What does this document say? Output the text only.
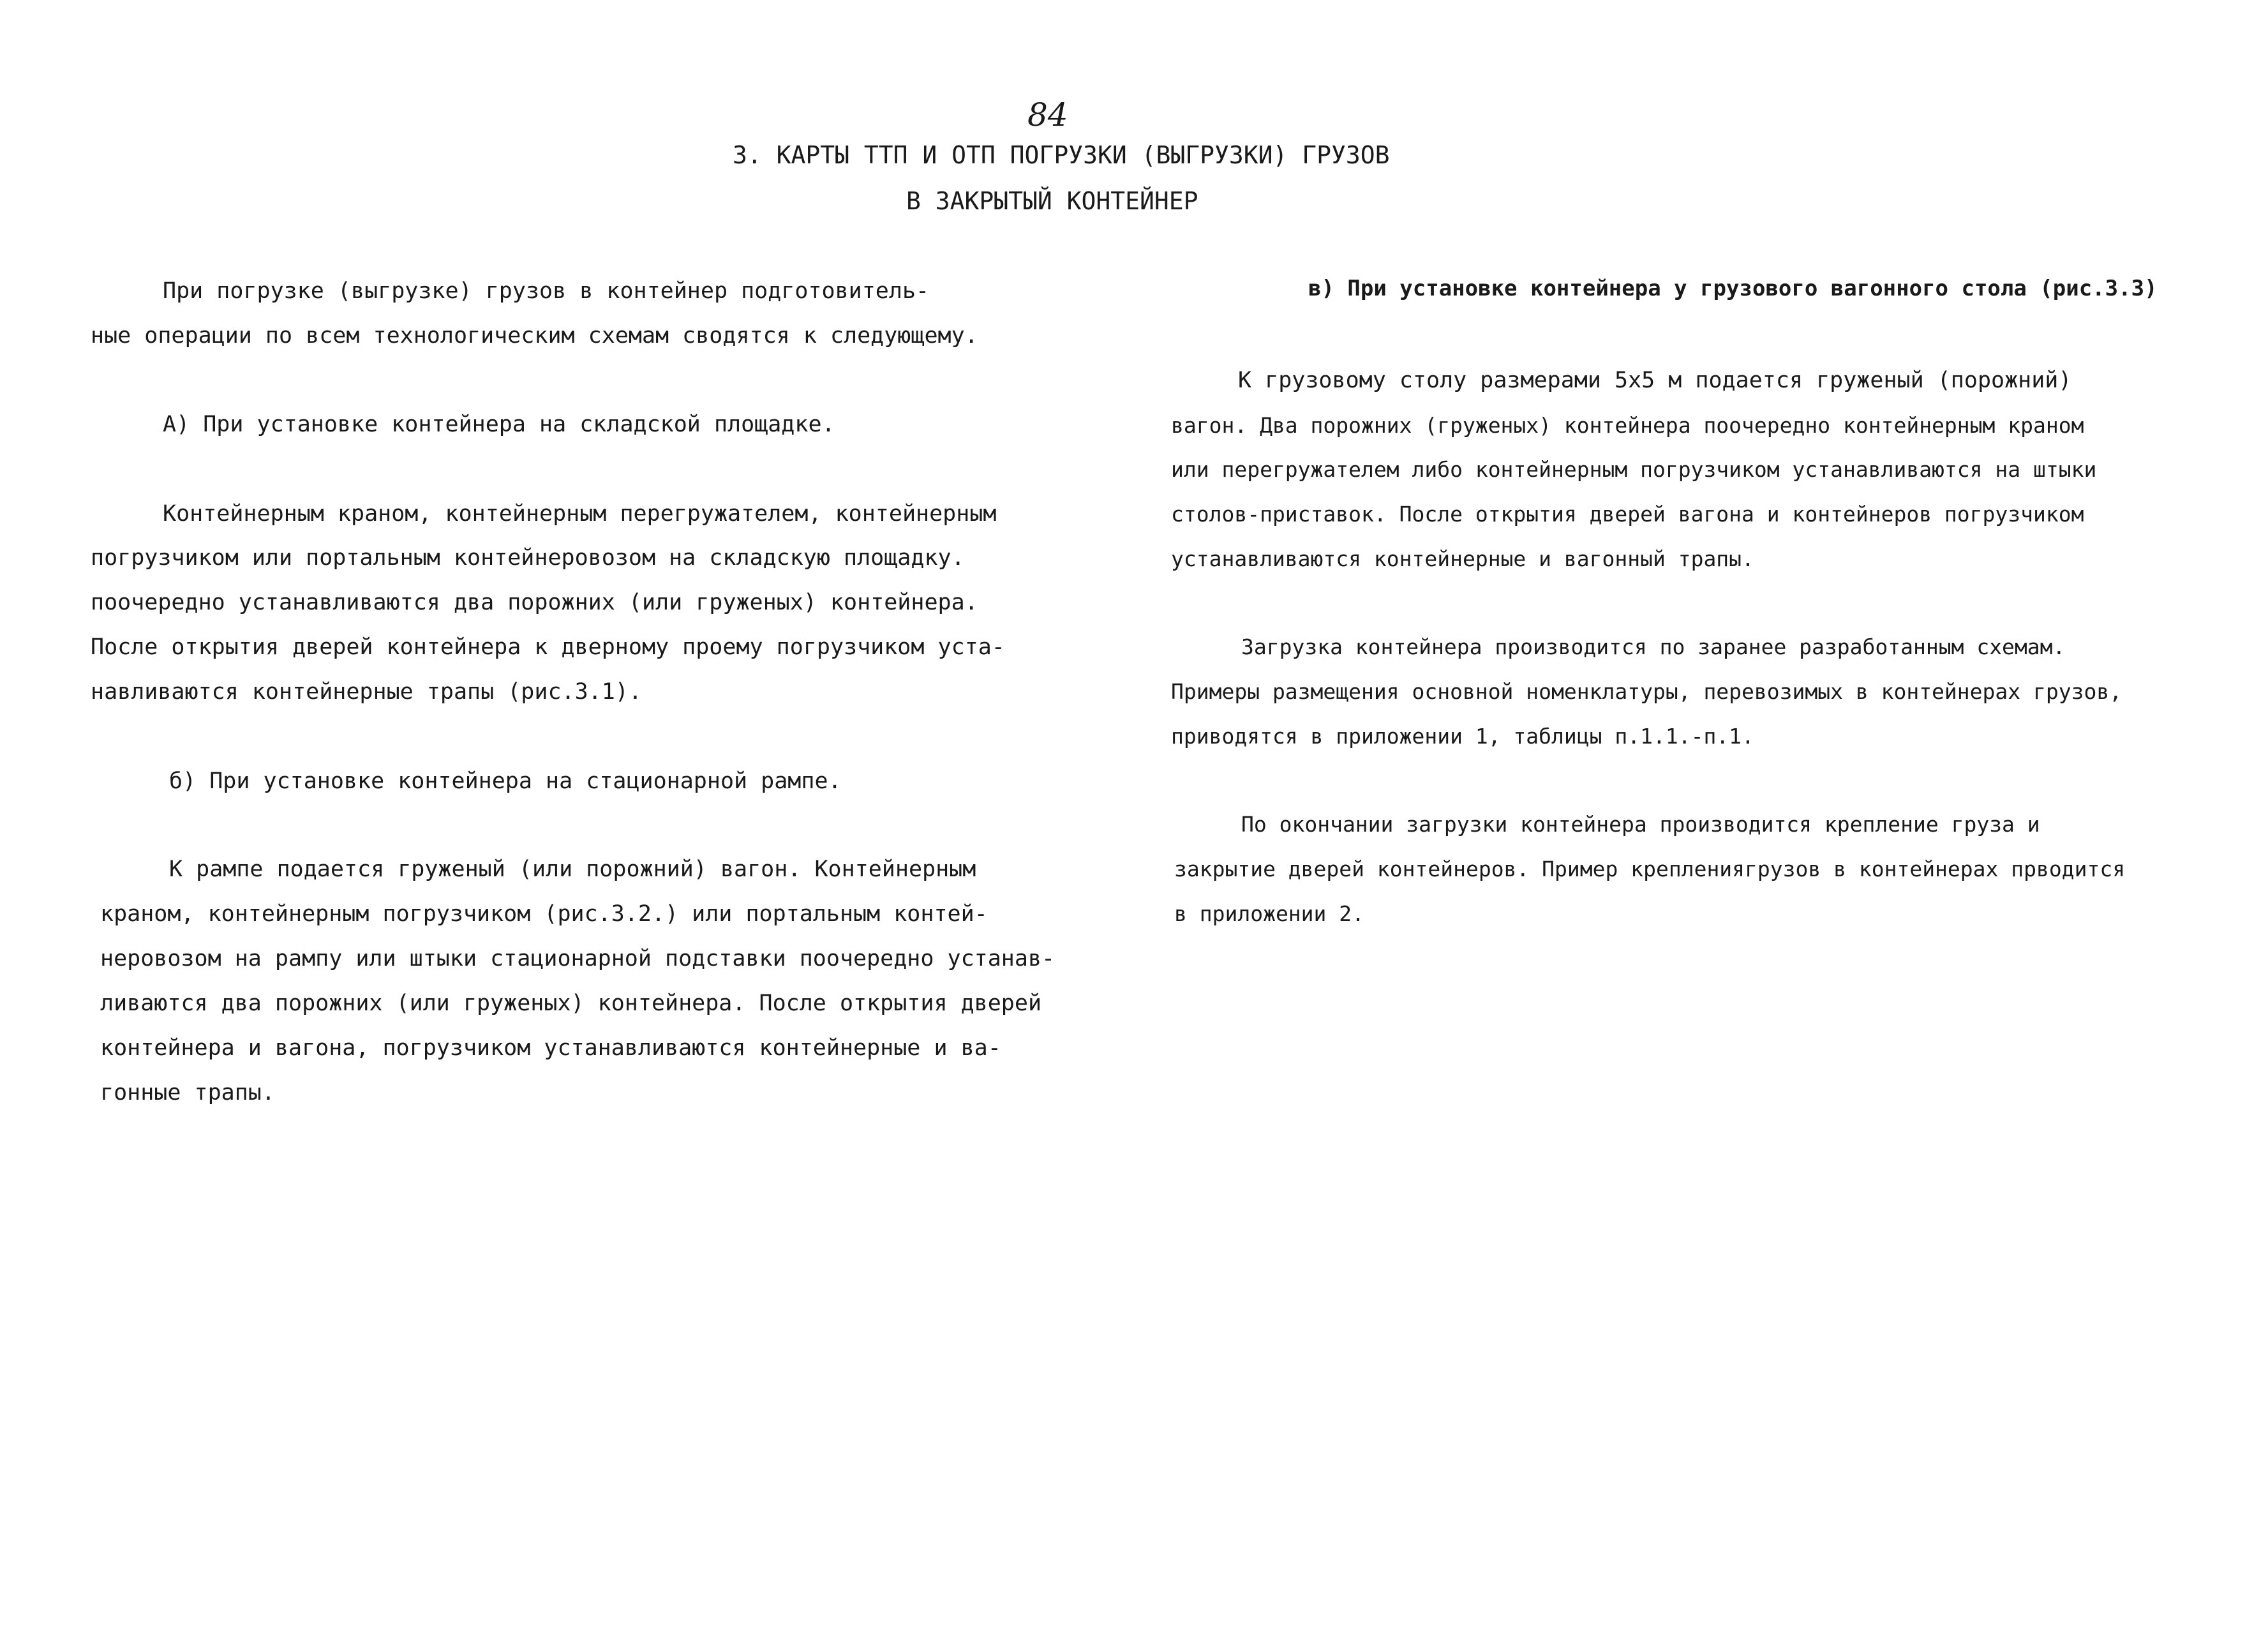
84
3. КАРТЫ ТТП И ОТП ПОГРУЗКИ (ВЫГРУЗКИ) ГРУЗОВ
В ЗАКРЫТЫЙ КОНТЕЙНЕР
При погрузке (выгрузке) грузов в контейнер подготовитель-
ные операции по всем технологическим схемам сводятся к следующему.
А) При установке контейнера на складской площадке.
Контейнерным краном, контейнерным перегружателем, контейнерным
погрузчиком или портальным контейнеровозом на складскую площадку.
поочередно устанавливаются два порожних (или груженых) контейнера.
После открытия дверей контейнера к дверному проему погрузчиком уста-
навливаются контейнерные трапы (рис.3.1).
б) При установке контейнера на стационарной рампе.
К рампе подается груженый (или порожний) вагон. Контейнерным
краном, контейнерным погрузчиком (рис.3.2.) или портальным контей-
неровозом на рампу или штыки стационарной подставки поочередно устанав-
ливаются два порожних (или груженых) контейнера. После открытия дверей
контейнера и вагона, погрузчиком устанавливаются контейнерные и ва-
гонные трапы.
в) При установке контейнера у грузового вагонного стола (рис.3.3)
К грузовому столу размерами 5х5 м подается груженый (порожний)
вагон. Два порожних (груженых) контейнера поочередно контейнерным краном
или перегружателем либо контейнерным погрузчиком устанавливаются на штыки
столов-приставок. После открытия дверей вагона и контейнеров погрузчиком
устанавливаются контейнерные и вагонный трапы.
Загрузка контейнера производится по заранее разработанным схемам.
Примеры размещения основной номенклатуры, перевозимых в контейнерах грузов,
приводятся в приложении 1, таблицы п.1.1.-п.1.
По окончании загрузки контейнера производится крепление груза и
закрытие дверей контейнеров. Пример креплениягрузов в контейнерах прводится
в приложении 2.
